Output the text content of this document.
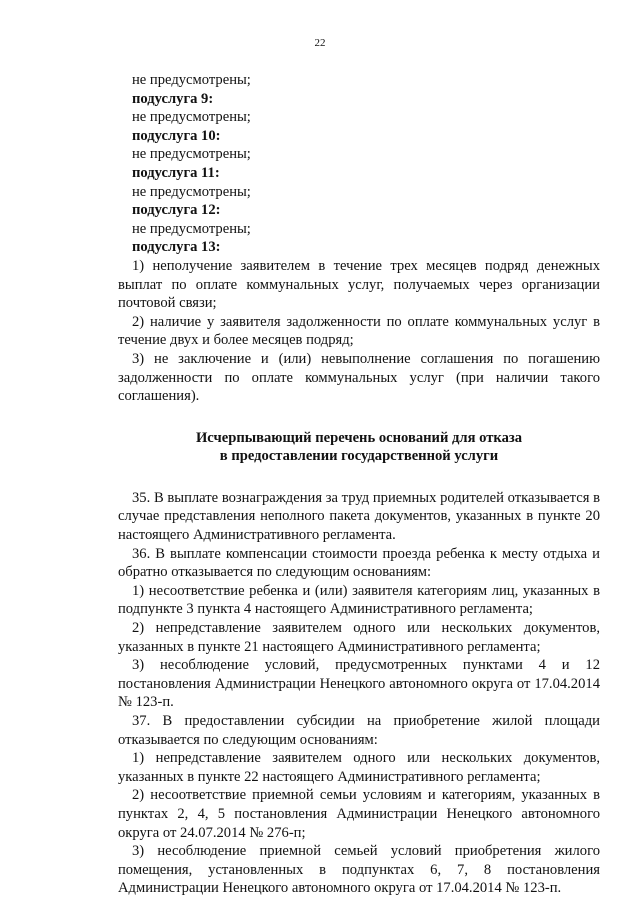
22

не предусмотрены;

подуслуга 9:

не предусмотрены;

подуслуга 10:

не предусмотрены;

подуслуга 11:

не предусмотрены;

подуслуга 12:

не предусмотрены;

подуслуга 13:

1) неполучение заявителем в течение трех месяцев подряд денежных выплат по оплате коммунальных услуг, получаемых через организации почтовой связи;

2) наличие у заявителя задолженности по оплате коммунальных услуг в течение двух и более месяцев подряд;

3) не заключение и (или) невыполнение соглашения по погашению задолженности по оплате коммунальных услуг (при наличии такого соглашения).

Исчерпывающий перечень оснований для отказа

в предоставлении государственной услуги

35. В выплате вознаграждения за труд приемных родителей отказывается в случае представления неполного пакета документов, указанных в пункте 20 настоящего Административного регламента.

36. В выплате компенсации стоимости проезда ребенка к месту отдыха и обратно отказывается по следующим основаниям:

1) несоответствие ребенка и (или) заявителя категориям лиц, указанных в подпункте 3 пункта 4 настоящего Административного регламента;

2) непредставление заявителем одного или нескольких документов, указанных в пункте 21 настоящего Административного регламента;

3) несоблюдение условий, предусмотренных пунктами 4 и 12 постановления Администрации Ненецкого автономного округа от 17.04.2014 № 123-п.

37. В предоставлении субсидии на приобретение жилой площади отказывается по следующим основаниям:

1) непредставление заявителем одного или нескольких документов, указанных в пункте 22 настоящего Административного регламента;

2) несоответствие приемной семьи условиям и категориям, указанных в пунктах 2, 4, 5 постановления Администрации Ненецкого автономного округа от 24.07.2014 № 276-п;

3) несоблюдение приемной семьей условий приобретения жилого помещения, установленных в подпунктах 6, 7, 8 постановления Администрации Ненецкого автономного округа от 17.04.2014 № 123-п.
